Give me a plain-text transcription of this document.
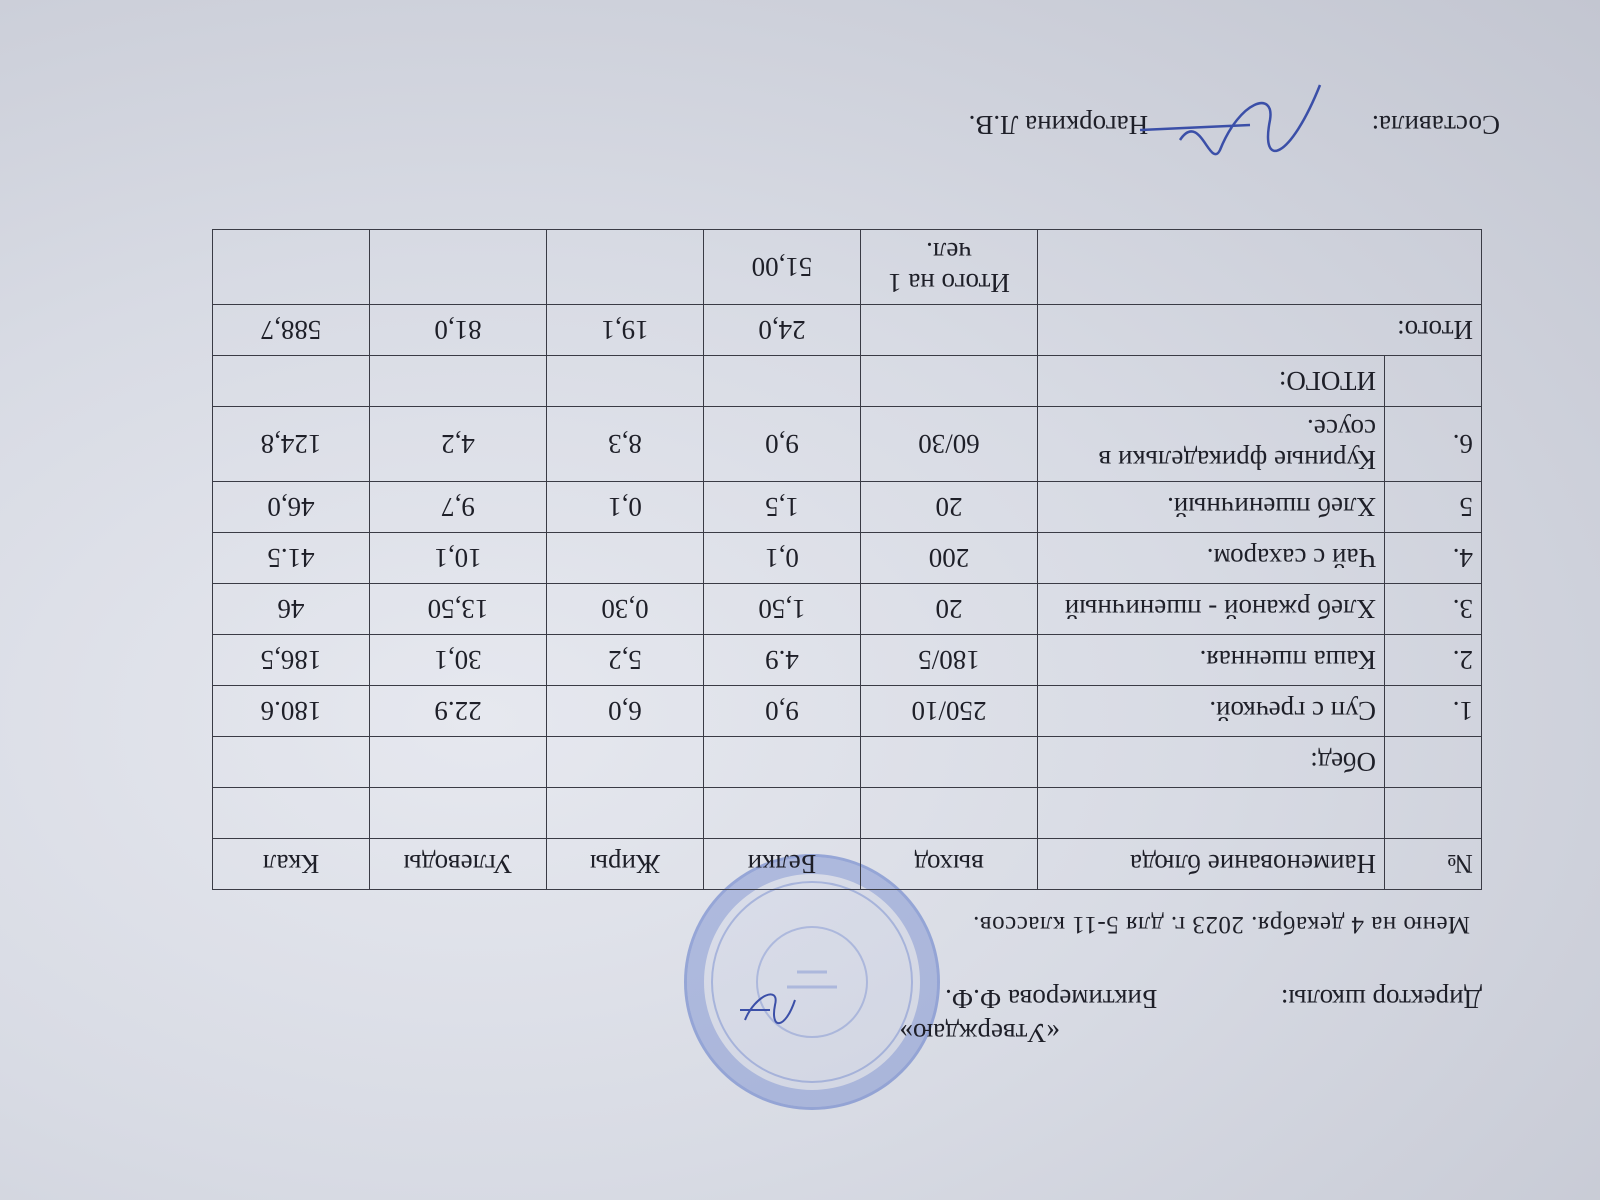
«Утверждаю»
Директор школы:  Биктимерова Ф.Ф.
Меню на 4 декабря. 2023 г. для 5-11 классов.
№	Наименование блюда	выход	Белки	Жиры	Углеводы	Ккал

	Обед:					
1.	Суп с гречкой.	250/10	9,0	6,0	22.9	180.6
2.	Каша пшенная.	180/5	4.9	5,2	30,1	186,5
3.	Хлеб ржаной - пшеничный	20	1,50	0,30	13,50	46
4.	Чай с сахаром.	200	0,1		10,1	41.5
5	Хлеб пшеничный.	20	1,5	0,1	9,7	46,0
6.	Куриные фрикадельки в соусе.	60/30	9,0	8,3	4,2	124,8
	ИТОГО:					
Итого:			24,0	19,1	81,0	588,7
		Итого на 1 чел.	51,00			
Составила:  Нагоркина Л.В.
